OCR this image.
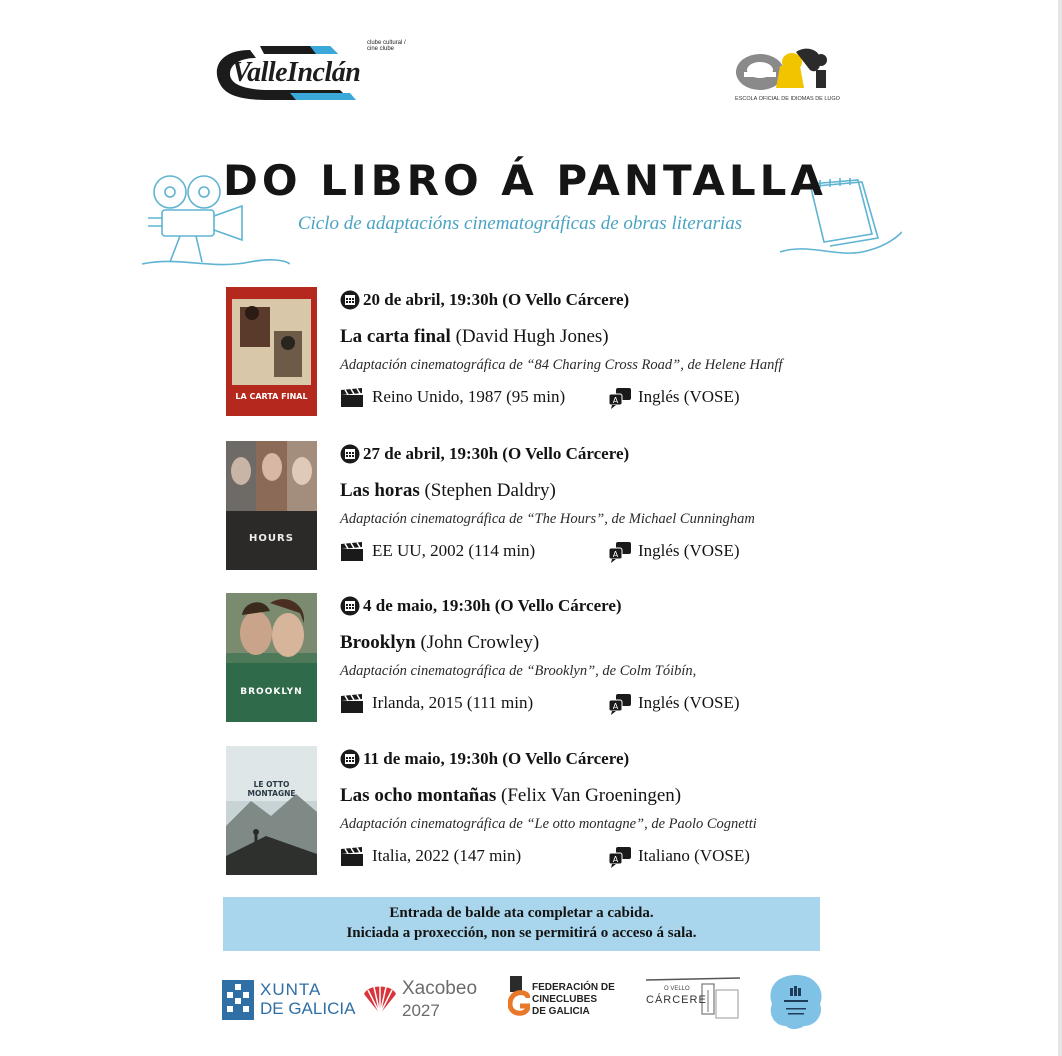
clube cultural / cine clube
ValleInclán
ESCOLA OFICIAL DE IDIOMAS DE LUGO
DO LIBRO Á PANTALLA
Ciclo de adaptacións cinematográficas de obras literarias
LA CARTA FINAL
20 de abril, 19:30h (O Vello Cárcere)
La carta final (David Hugh Jones)
Adaptación cinematográfica de “84 Charing Cross Road”, de Helene Hanff
Reino Unido, 1987 (95 min)	A Inglés (VOSE)
HOURS
27 de abril, 19:30h (O Vello Cárcere)
Las horas (Stephen Daldry)
Adaptación cinematográfica de “The Hours”, de Michael Cunningham
EE UU, 2002 (114 min)	A Inglés (VOSE)
BROOKLYN
4 de maio, 19:30h (O Vello Cárcere)
Brooklyn (John Crowley)
Adaptación cinematográfica de “Brooklyn”, de Colm Tóibín,
Irlanda, 2015 (111 min)	A Inglés (VOSE)
LE OTTO MONTAGNE
11 de maio, 19:30h (O Vello Cárcere)
Las ocho montañas (Felix Van Groeningen)
Adaptación cinematográfica de “Le otto montagne”, de Paolo Cognetti
Italia, 2022 (147 min)	A Italiano (VOSE)
Entrada de balde ata completar a cabida.
Iniciada a proxección, non se permitirá o acceso á sala.
XUNTA
DE GALICIA
Xacobeo
2027
FEDERACIÓN DE
CINECLUBES
DE GALICIA
O VELLO
CÁRCERE
